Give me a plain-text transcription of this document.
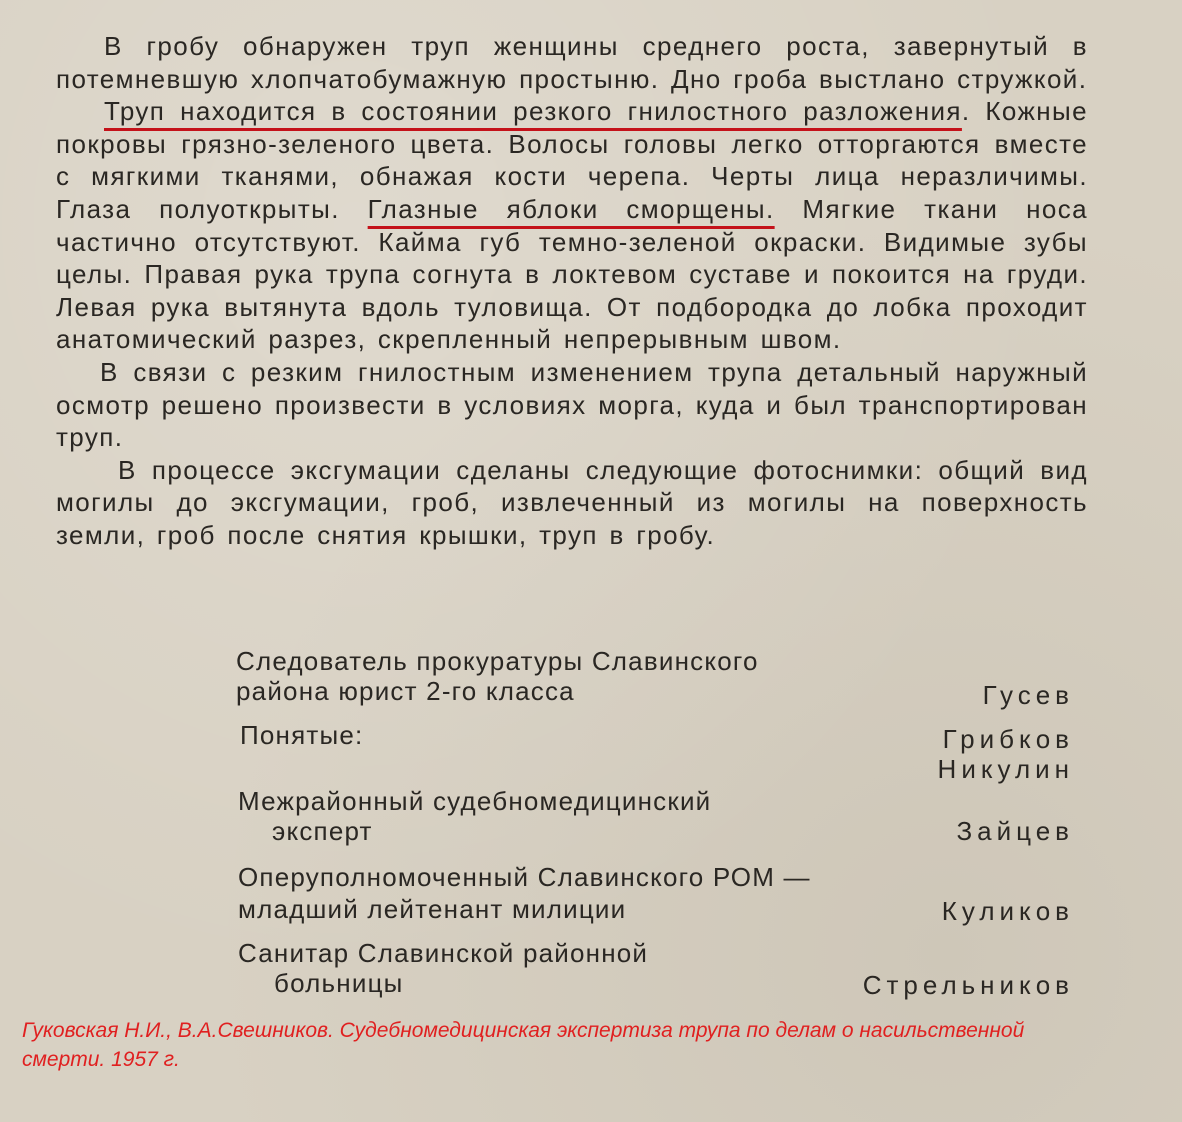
В гробу обнаружен труп женщины среднего роста, завернутый в потемневшую хлопчатобумажную простыню. Дно гроба выстлано стружкой.

Труп находится в состоянии резкого гнилостного разложения. Кожные покровы грязно-зеленого цвета. Волосы головы легко отторгаются вместе с мягкими тканями, обнажая кости черепа. Черты лица неразличимы. Глаза полуоткрыты. Глазные яблоки сморщены. Мягкие ткани носа частично отсутствуют. Кайма губ темно-зеленой окраски. Видимые зубы целы. Правая рука трупа согнута в локтевом суставе и покоится на груди. Левая рука вытянута вдоль туловища. От подбородка до лобка проходит анатомический разрез, скрепленный непрерывным швом.

В связи с резким гнилостным изменением трупа детальный наружный осмотр решено произвести в условиях морга, куда и был транспортирован труп.

В процессе эксгумации сделаны следующие фотоснимки: общий вид могилы до эксгумации, гроб, извлеченный из могилы на поверхность земли, гроб после снятия крышки, труп в гробу.

Следователь прокуратуры Славинского
района юрист 2-го класса	Гусев
Понятые:	Грибков
Никулин
Межрайонный судебномедицинский
эксперт	Зайцев
Оперуполномоченный Славинского РОМ —
младший лейтенант милиции	Куликов
Санитар Славинской районной
больницы	Стрельников
Гуковская Н.И., В.А.Свешников. Судебномедицинская экспертиза трупа по делам о насильственной
смерти. 1957 г.
